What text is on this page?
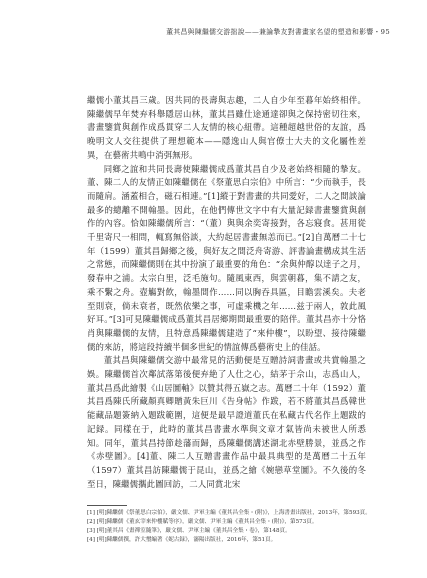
董其昌與陳繼儒交游拙說——兼論摯友對書畫家名望的塑造和影響・95

繼儒小董其昌三歲。因共同的長壽與志趣，二人自少年至暮年始終相伴。陳繼儒早年焚弃科舉隱居山林，董其昌雖仕途通達卻與之保持密切往來，書畫鑒賞與創作成爲貫穿二人友情的核心紐帶。這種超越世俗的友誼，爲晚明文人交往提供了理想範本——隱逸山人與官僚士大夫的文化屬性差異，在藝術共鳴中消弭無形。

同鄉之誼和共同長壽使陳繼儒成爲董其昌自少及老始終相隨的摯友。董、陳二人的友情正如陳繼儒在《祭董思白宗伯》中所言：“少而執手，長而隨肩。涵蓋相合，磁石相連。”[1]縱于對書畫的共同愛好，二人之間談論最多的總離不開翰墨。因此，在他們傳世文字中有大量記録書畫鑒賞與創作的內容。恰如陳繼儒所言：“（董）與與余奕寄接對，各忘寢食。甚用從千里寄尺一相問，輒寫無俗談，大約起居書畫無恙而已。”[2]自萬曆二十七年（1599）董其昌歸鄉之後，與好友之間泛舟寄游、評書論畫構成其生活之常態，而陳繼儒則在其中扮演了最重要的角色：“余與仲醇以逹子之月，發春申之浦。太宗白里，泛毛施句。隨風東西，與雲朝暮，集不請之友，乘不繫之舟。壺觴對飲，翰墨間作……同以胸吞具區，目瞻雲溪矣。夫老至則衰，倘未衰者，既然依樂之事，可虛乘機之年……兹于兩人，敦此風好耳。”[3]可見陳繼儒成爲董其昌居鄉期間最重要的陪伴。董其昌亦十分恪肖與陳繼儒的友情，且特意爲陳繼儒建造了“來仲樓”，以盼望、接待陳繼儒的來訪，將這段持續半個多世紀的情誼傳爲藝術史上的佳話。

董其昌與陳繼儒交游中最常見的活動便是互贈詩詞書畫或共賞翰墨之娛。陳繼儒首次鄰試落第後便弃絶了人仕之心，結茅于佘山，志爲山人，董其昌爲此繪製《山居圖軸》以贊其得五嶽之志。萬曆二十年（1592）董其昌爲陳氏所藏顏真卿贈黃朱巨川《告身帖》作跋，若不將董其昌爲韓世能藏品題簽納入題跋範圍，這便是最早證道董氏在私藏古代名作上題跋的記録。同樣在于，此時的董其昌書畫水準與文章才氣皆尚未被世人所悉知。同年，董其昌持節趁藩而歸，爲陳繼儒講述湖北赤壁勝景，並爲之作《赤壁圖》。[4]董、陳二人互贈書畫作品中最具典型的是萬曆二十五年（1597）董其昌訪陳繼儒于昆山，並爲之繪《婉戀草堂圖》。不久後的冬至日，陳繼儒攜此圖回訪，二人同賞北宋

[1] [明]陳繼儒《祭董思白宗伯》，嚴文儒、尹軍主編《董其昌全集・(附)》，上海書畫出版社，2013年，第593頁。
[2] [明]陳繼儒《董玄宰來仲樓賦等序》，嚴文儒、尹軍主編《董其昌全集・(附)》，第573頁。
[3] [明]董其昌《畫禪室隨筆》，嚴文儒、尹軍主編《董其昌全集・卷》，第148頁。
[4] [明]陳繼儒撰，許大璽編著《妮古録》，瀋陽出版社，2016年，第51頁。
